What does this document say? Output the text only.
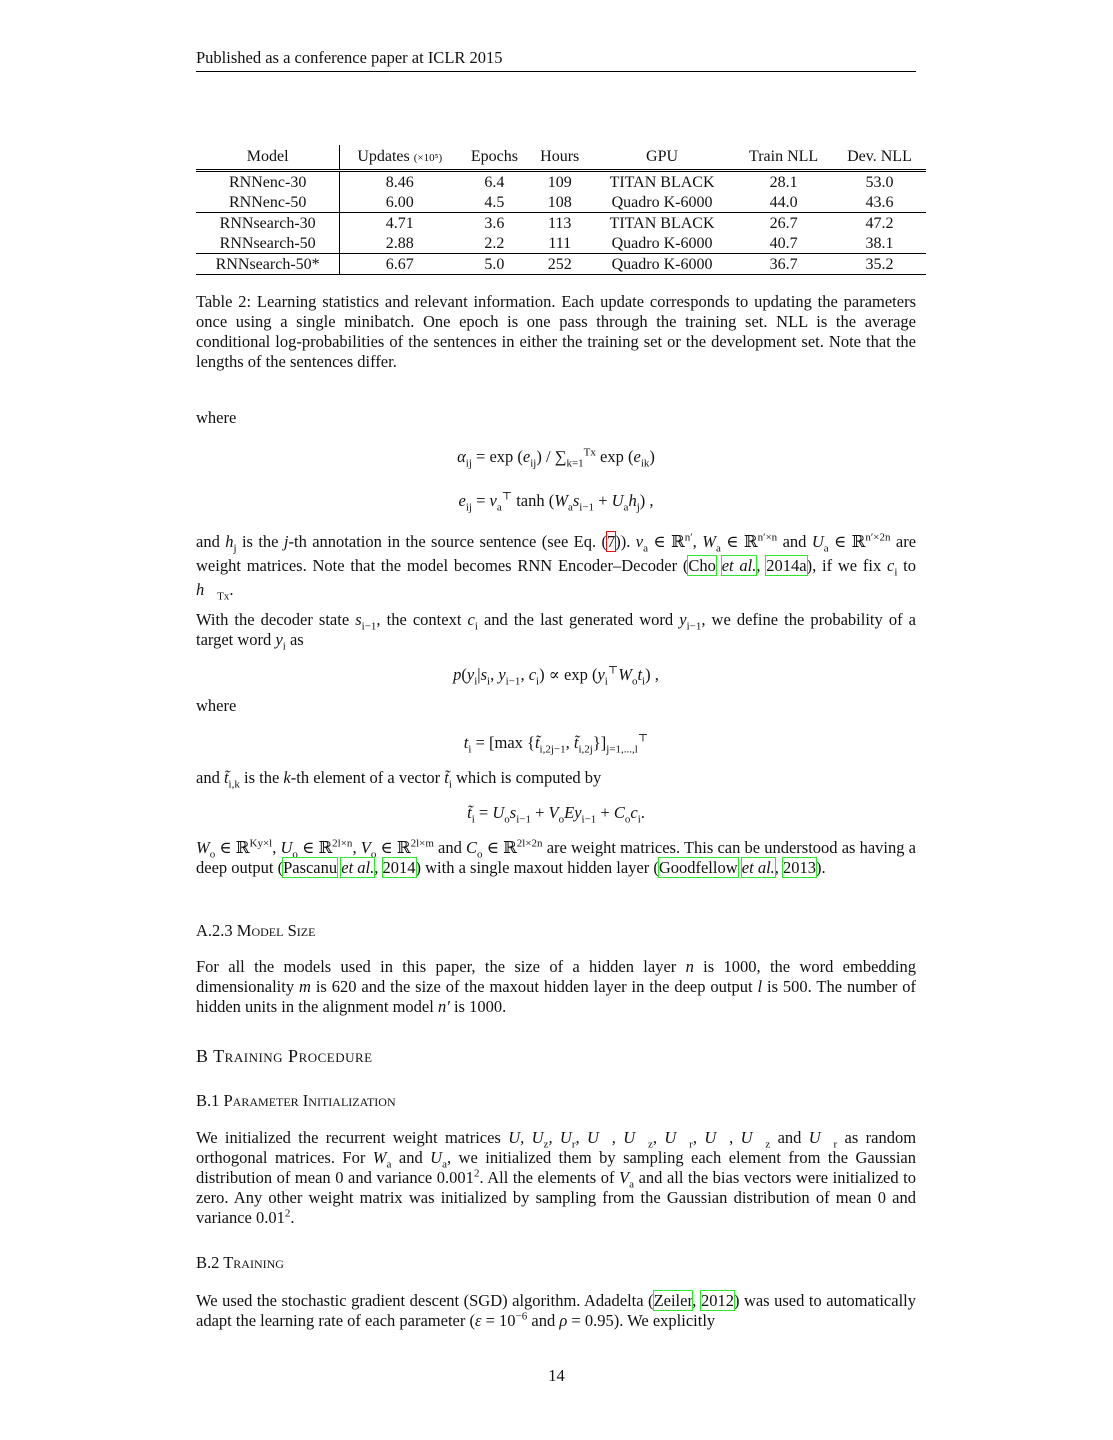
Published as a conference paper at ICLR 2015
Model	Updates (×10⁵)	Epochs	Hours	GPU	Train NLL	Dev. NLL
RNNenc-30	8.46	6.4	109	TITAN BLACK	28.1	53.0
RNNenc-50	6.00	4.5	108	Quadro K-6000	44.0	43.6
RNNsearch-30	4.71	3.6	113	TITAN BLACK	26.7	47.2
RNNsearch-50	2.88	2.2	111	Quadro K-6000	40.7	38.1
RNNsearch-50*	6.67	5.0	252	Quadro K-6000	36.7	35.2
Table 2: Learning statistics and relevant information. Each update corresponds to updating the parameters once using a single minibatch. One epoch is one pass through the training set. NLL is the average conditional log-probabilities of the sentences in either the training set or the development set. Note that the lengths of the sentences differ.
where
$\alpha_{ij} = \exp (e_{ij}) / \sum_{k=1}^{Tx}$ $\exp (e_{ik})$
$e_{ij} = v_a^⊤$ $\tanh (W_as_{i-1} + U_ah_j)$ ,
and $h_j$ is the j-th annotation in the source sentence (see Eq. (7)). $v_a$ ∈ ℝ$^{n'}$, $W_a$ ∈ ℝ$^{n'\times n}$ and $U_a$ ∈ ℝ$^{n'\times 2n}$ are weight matrices. Note that the model becomes RNN Encoder–Decoder (Cho et al., 2014a), if we fix $c_i$ to $h⃗_{Tx}$.
With the decoder state $s_{i-1}$, the context $c_i$ and the last generated word $y_{i-1}$, we define the probability of a target word $y_i$ as
$p(y_i|s_i$, $y_{i-1}$, $c_i) \propto \exp (y_i^⊤W_ot_i)$ ,
where
$t_i = [\max$ {$t̃_{i,2j-1}$, $t̃_{i,2j}\}]_{j=1,...,l}^⊤$
and $t̃_{i,k}$ is the k-th element of a vector $t̃_i$ which is computed by
$t̃_i = U_os_{i-1} + V_oEy_{i-1} + C_oc_i$.
$W_o$ ∈ ℝ$^{Ky\times l}$, $U_o$ ∈ ℝ$^{2l\times n}$, $V_o$ ∈ ℝ$^{2l\times m}$ and $C_o$ ∈ ℝ$^{2l\times 2n}$ are weight matrices. This can be understood as having a deep output (Pascanu et al., 2014) with a single maxout hidden layer (Goodfellow et al., 2013).
A.2.3 Model Size
For all the models used in this paper, the size of a hidden layer n is 1000, the word embedding dimensionality m is 620 and the size of the maxout hidden layer in the deep output l is 500. The number of hidden units in the alignment model n′ is 1000.
B Training Procedure
B.1 Parameter Initialization
We initialized the recurrent weight matrices U, $U_z$, $U_r$, U⃖, $U⃖_z$, $U⃖_r$, U⃗, $U⃗_z$ and $U⃗_r$ as random orthogonal matrices. For $W_a$ and $U_a$, we initialized them by sampling each element from the Gaussian distribution of mean 0 and variance 0.001$^2$. All the elements of $V_a$ and all the bias vectors were initialized to zero. Any other weight matrix was initialized by sampling from the Gaussian distribution of mean 0 and variance 0.01$^2$.
B.2 Training
We used the stochastic gradient descent (SGD) algorithm. Adadelta (Zeiler, 2012) was used to automatically adapt the learning rate of each parameter ($\varepsilon = 10^{-6}$ and ρ = 0.95). We explicitly
14
